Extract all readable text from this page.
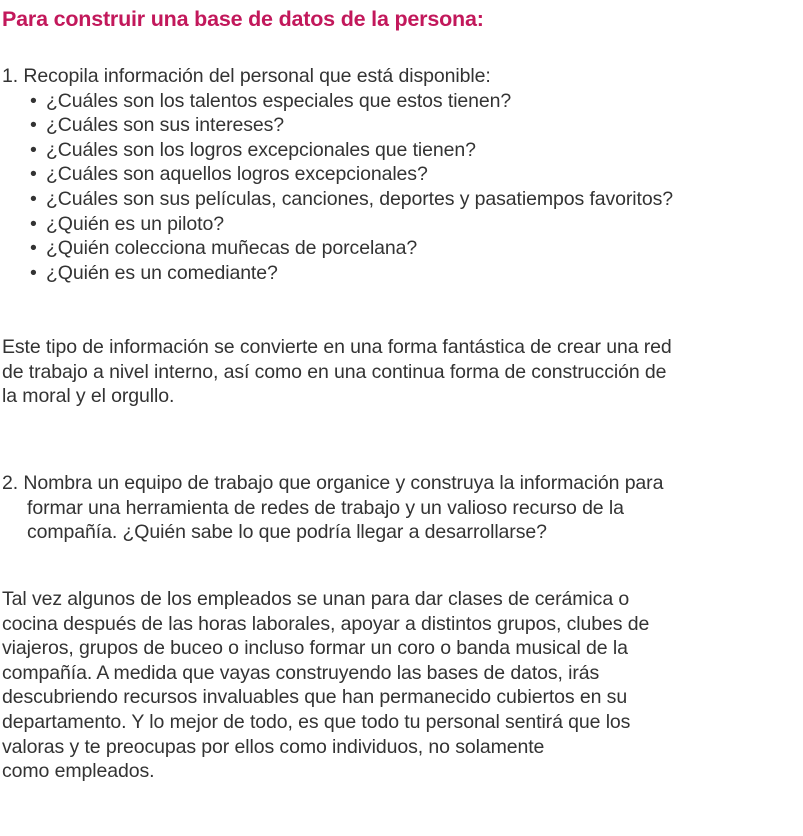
Para construir una base de datos de la persona:
1. Recopila información del personal que está disponible:
• ¿Cuáles son los talentos especiales que estos tienen?
• ¿Cuáles son sus intereses?
• ¿Cuáles son los logros excepcionales que tienen?
• ¿Cuáles son aquellos logros excepcionales?
• ¿Cuáles son sus películas, canciones, deportes y pasatiempos favoritos?
• ¿Quién es un piloto?
• ¿Quién colecciona muñecas de porcelana?
• ¿Quién es un comediante?
Este tipo de información se convierte en una forma fantástica de crear una red
de trabajo a nivel interno, así como en una continua forma de construcción de
la moral y el orgullo.
2. Nombra un equipo de trabajo que organice y construya la información para
formar una herramienta de redes de trabajo y un valioso recurso de la
compañía. ¿Quién sabe lo que podría llegar a desarrollarse?
Tal vez algunos de los empleados se unan para dar clases de cerámica o
cocina después de las horas laborales, apoyar a distintos grupos, clubes de
viajeros, grupos de buceo o incluso formar un coro o banda musical de la
compañía. A medida que vayas construyendo las bases de datos, irás
descubriendo recursos invaluables que han permanecido cubiertos en su
departamento. Y lo mejor de todo, es que todo tu personal sentirá que los
valoras y te preocupas por ellos como individuos, no solamente
como empleados.
